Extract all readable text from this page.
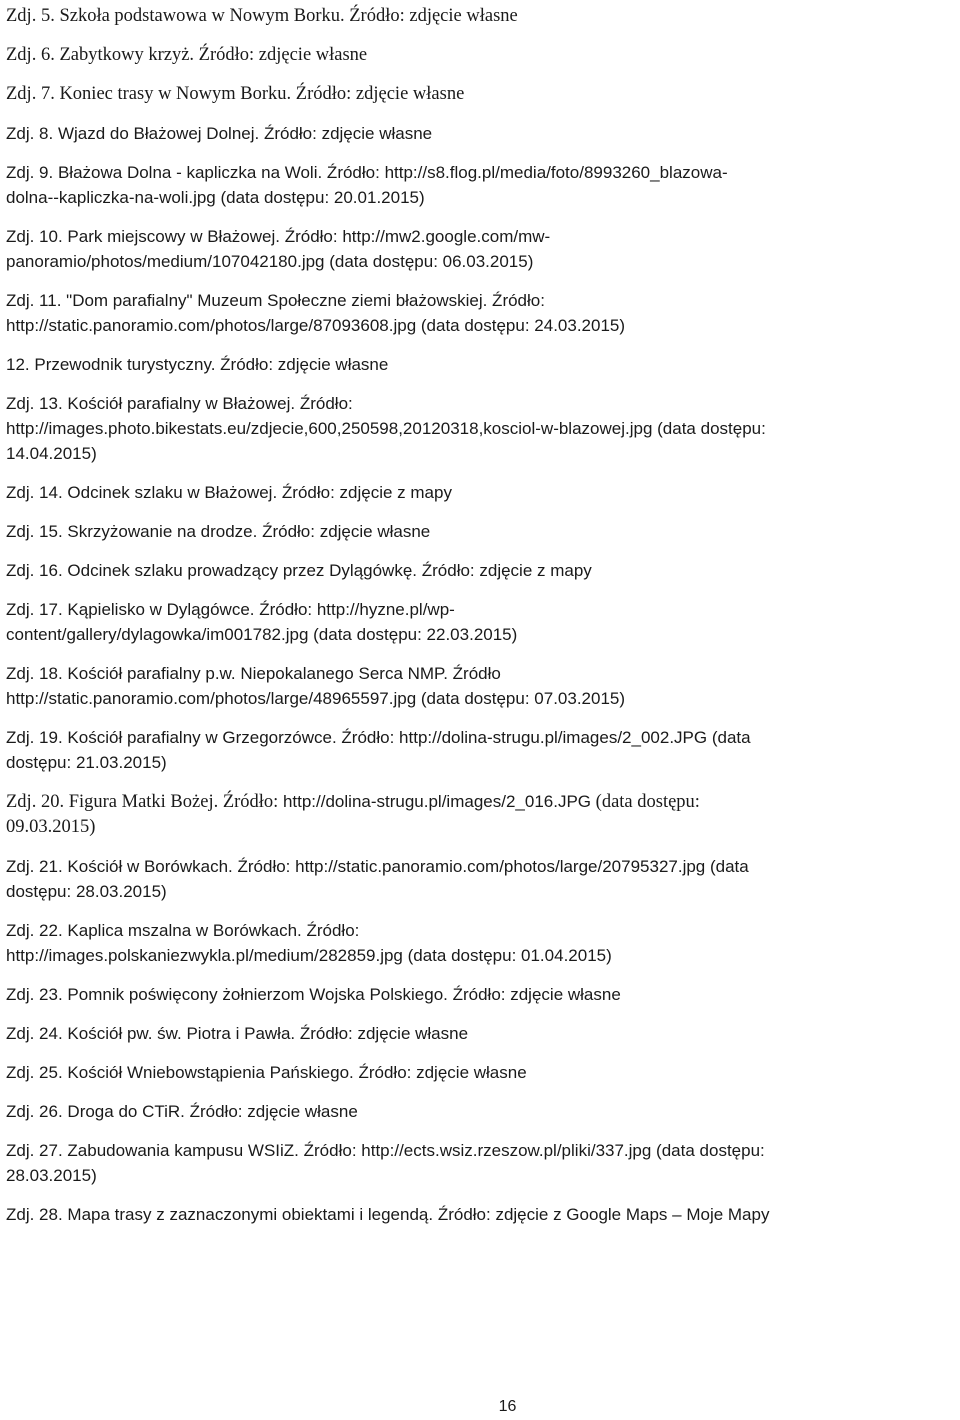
Zdj. 5. Szkoła podstawowa w Nowym Borku. Źródło: zdjęcie własne
Zdj. 6. Zabytkowy krzyż. Źródło: zdjęcie własne
Zdj. 7. Koniec trasy w Nowym Borku. Źródło: zdjęcie własne
Zdj. 8. Wjazd do Błażowej Dolnej. Źródło: zdjęcie własne
Zdj. 9. Błażowa Dolna - kapliczka na Woli. Źródło: http://s8.flog.pl/media/foto/8993260_blazowa-
dolna--kapliczka-na-woli.jpg (data dostępu: 20.01.2015)
Zdj. 10. Park miejscowy w Błażowej. Źródło: http://mw2.google.com/mw-
panoramio/photos/medium/107042180.jpg (data dostępu: 06.03.2015)
Zdj. 11. "Dom parafialny" Muzeum Społeczne ziemi błażowskiej. Źródło:
http://static.panoramio.com/photos/large/87093608.jpg (data dostępu: 24.03.2015)
12. Przewodnik turystyczny. Źródło: zdjęcie własne
Zdj. 13. Kościół parafialny w Błażowej. Źródło:
http://images.photo.bikestats.eu/zdjecie,600,250598,20120318,kosciol-w-blazowej.jpg (data dostępu:
14.04.2015)
Zdj. 14. Odcinek szlaku w Błażowej. Źródło: zdjęcie z mapy
Zdj. 15. Skrzyżowanie na drodze. Źródło: zdjęcie własne
Zdj. 16. Odcinek szlaku prowadzący przez Dylągówkę. Źródło: zdjęcie z mapy
Zdj. 17. Kąpielisko w Dylągówce. Źródło: http://hyzne.pl/wp-
content/gallery/dylagowka/im001782.jpg (data dostępu: 22.03.2015)
Zdj. 18. Kościół parafialny p.w. Niepokalanego Serca NMP. Źródło
http://static.panoramio.com/photos/large/48965597.jpg (data dostępu: 07.03.2015)
Zdj. 19. Kościół parafialny w Grzegorzówce. Źródło: http://dolina-strugu.pl/images/2_002.JPG (data
dostępu: 21.03.2015)
Zdj. 20. Figura Matki Bożej. Źródło: http://dolina-strugu.pl/images/2_016.JPG (data dostępu:
09.03.2015)
Zdj. 21. Kościół w Borówkach. Źródło: http://static.panoramio.com/photos/large/20795327.jpg (data
dostępu: 28.03.2015)
Zdj. 22. Kaplica mszalna w Borówkach. Źródło:
http://images.polskaniezwykla.pl/medium/282859.jpg (data dostępu: 01.04.2015)
Zdj. 23. Pomnik poświęcony żołnierzom Wojska Polskiego. Źródło: zdjęcie własne
Zdj. 24. Kościół pw. św. Piotra i Pawła. Źródło: zdjęcie własne
Zdj. 25. Kościół Wniebowstąpienia Pańskiego. Źródło: zdjęcie własne
Zdj. 26. Droga do CTiR. Źródło: zdjęcie własne
Zdj. 27. Zabudowania kampusu WSIiZ. Źródło: http://ects.wsiz.rzeszow.pl/pliki/337.jpg (data dostępu:
28.03.2015)
Zdj. 28. Mapa trasy z zaznaczonymi obiektami i legendą. Źródło: zdjęcie z Google Maps – Moje Mapy
16
